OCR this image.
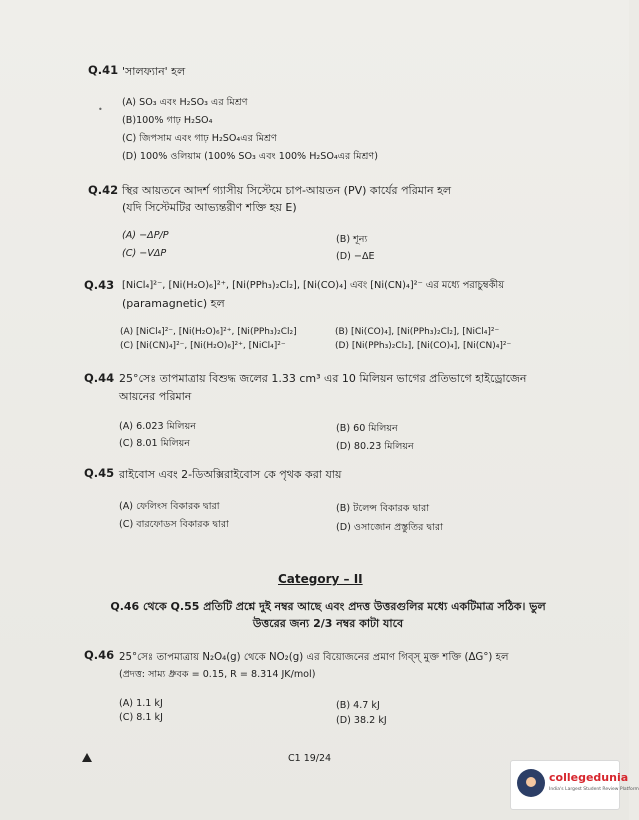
•
Q.41 'সালফ্যান' হল
(A) SO₃ এবং H₂SO₃ এর মিশ্রণ
(B)100% গাঢ় H₂SO₄
(C) জিপসাম এবং গাঢ় H₂SO₄এর মিশ্রণ
(D) 100% ওলিয়াম (100% SO₃ এবং 100% H₂SO₄এর মিশ্রণ)
Q.42 স্থির আয়তনে আদর্শ গ্যাসীয় সিস্টেমে চাপ-আয়তন (PV) কার্যের পরিমান হল
(যদি সিস্টেমটির আভ্যন্তরীণ শক্তি হয় E)
(A) −ΔP/P	(B) শূন্য
(C) −VΔP	(D) −ΔE
Q.43 [NiCl₄]²⁻, [Ni(H₂O)₆]²⁺, [Ni(PPh₃)₂Cl₂], [Ni(CO)₄] এবং [Ni(CN)₄]²⁻ এর মধ্যে পরাচুম্বকীয়
(paramagnetic) হল
(A) [NiCl₄]²⁻, [Ni(H₂O)₆]²⁺, [Ni(PPh₃)₂Cl₂]	(B) [Ni(CO)₄], [Ni(PPh₃)₂Cl₂], [NiCl₄]²⁻
(C) [Ni(CN)₄]²⁻, [Ni(H₂O)₆]²⁺, [NiCl₄]²⁻	(D) [Ni(PPh₃)₂Cl₂], [Ni(CO)₄], [Ni(CN)₄]²⁻
Q.44 25°সেঃ তাপমাত্রায় বিশুদ্ধ জলের 1.33 cm³ এর 10 মিলিয়ন ভাগের প্রতিভাগে হাইড্রোজেন
আয়নের পরিমান
(A) 6.023 মিলিয়ন	(B) 60 মিলিয়ন
(C) 8.01 মিলিয়ন	(D) 80.23 মিলিয়ন
Q.45 রাইবোস এবং 2-ডিঅক্সিরাইবোস কে পৃথক করা যায়
(A) ফেলিংস বিকারক দ্বারা	(B) টলেন্স বিকারক দ্বারা
(C) বারফোডস বিকারক দ্বারা	(D) ওসাজোন প্রস্তুতির দ্বারা
Category – II
Q.46 থেকে Q.55 প্রতিটি প্রশ্নে দুই নম্বর আছে এবং প্রদত্ত উত্তরগুলির মধ্যে একটিমাত্র সঠিক। ভুল
উত্তরের জন্য 2/3 নম্বর কাটা যাবে
Q.46 25°সেঃ তাপমাত্রায় N₂O₄(g) থেকে NO₂(g) এর বিয়োজনের প্রমাণ গিব্স্ মুক্ত শক্তি (ΔG°) হল
(প্রদত্ত: সাম্য ধ্রুবক = 0.15, R = 8.314 JK/mol)
(A) 1.1 kJ	(B) 4.7 kJ
(C) 8.1 kJ	(D) 38.2 kJ
C1 19/24
collegedunia
India's Largest Student Review Platform
